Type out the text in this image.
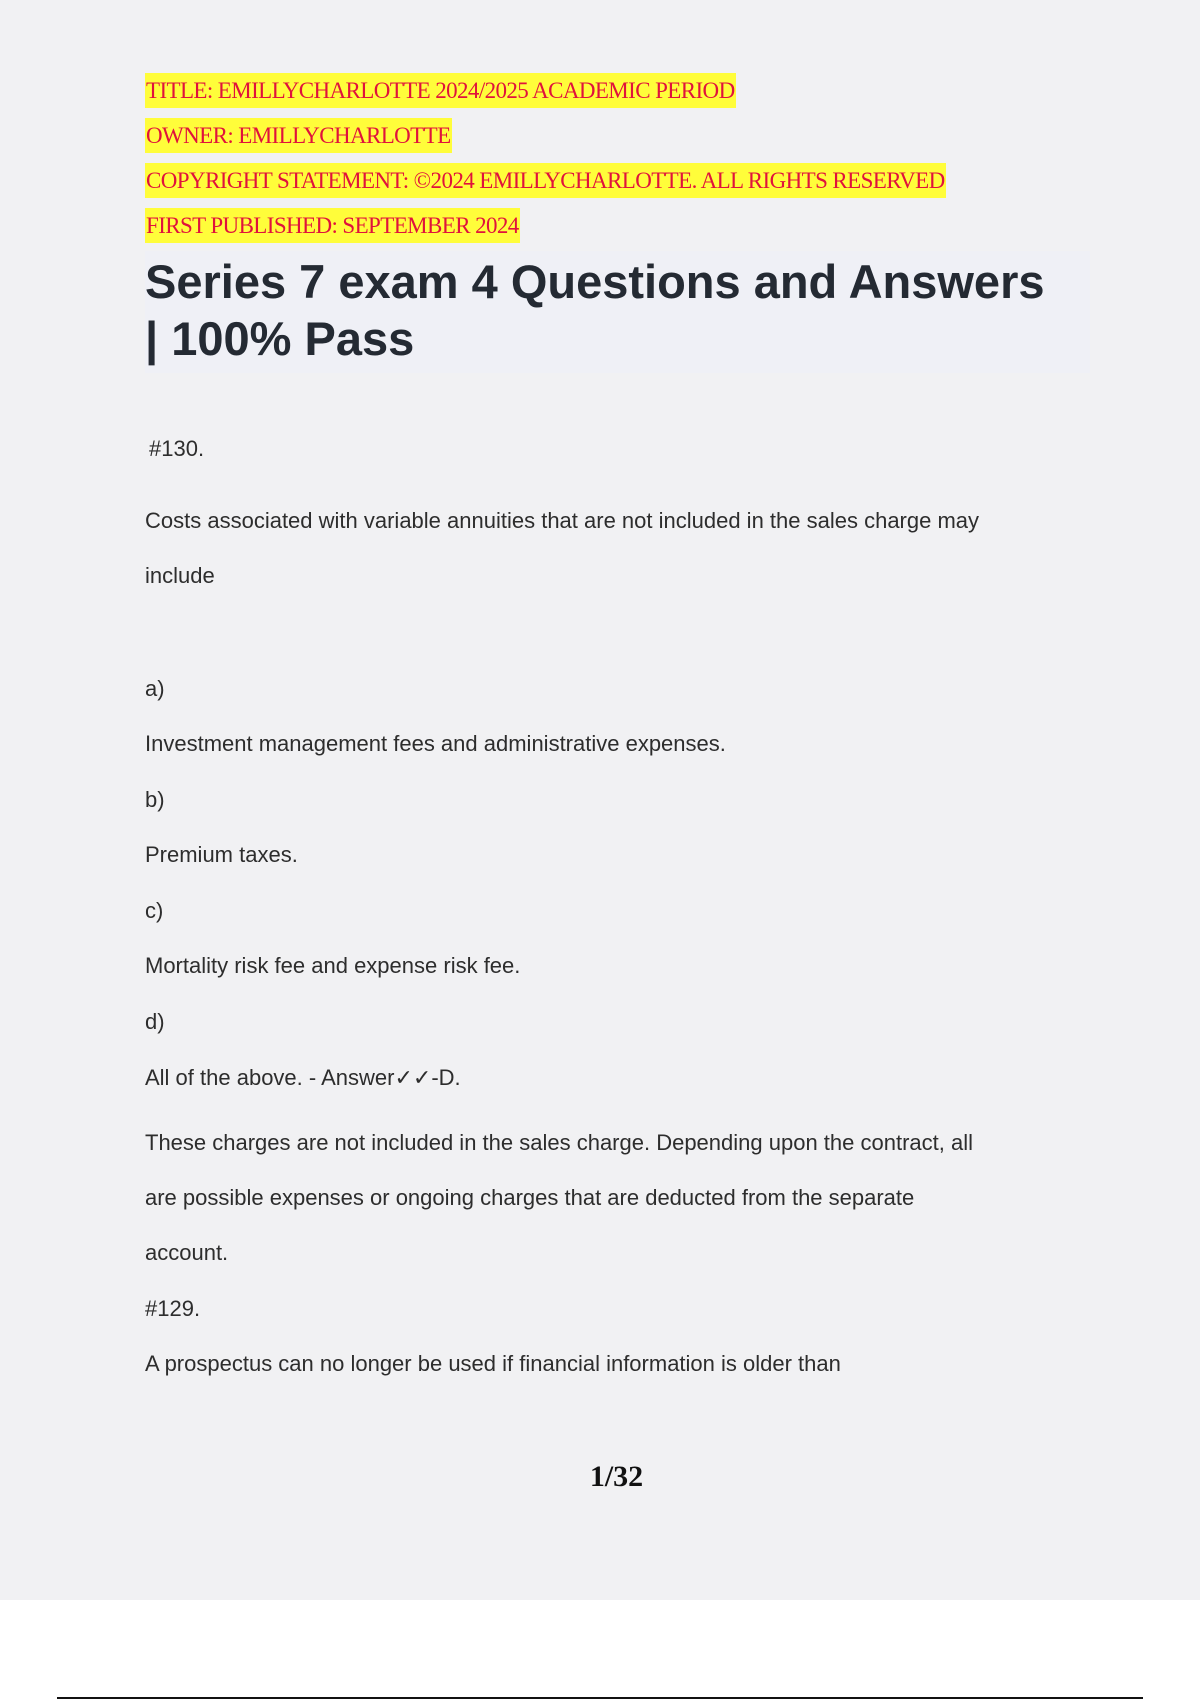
TITLE: EMILLYCHARLOTTE 2024/2025 ACADEMIC PERIOD
OWNER: EMILLYCHARLOTTE
COPYRIGHT STATEMENT: ©2024 EMILLYCHARLOTTE. ALL RIGHTS RESERVED
FIRST PUBLISHED: SEPTEMBER 2024
Series 7 exam 4 Questions and Answers
| 100% Pass
#130.
Costs associated with variable annuities that are not included in the sales charge may
include
a)
Investment management fees and administrative expenses.
b)
Premium taxes.
c)
Mortality risk fee and expense risk fee.
d)
All of the above. - Answer✓✓-D.
These charges are not included in the sales charge. Depending upon the contract, all
are possible expenses or ongoing charges that are deducted from the separate
account.
#129.
A prospectus can no longer be used if financial information is older than
1/32
